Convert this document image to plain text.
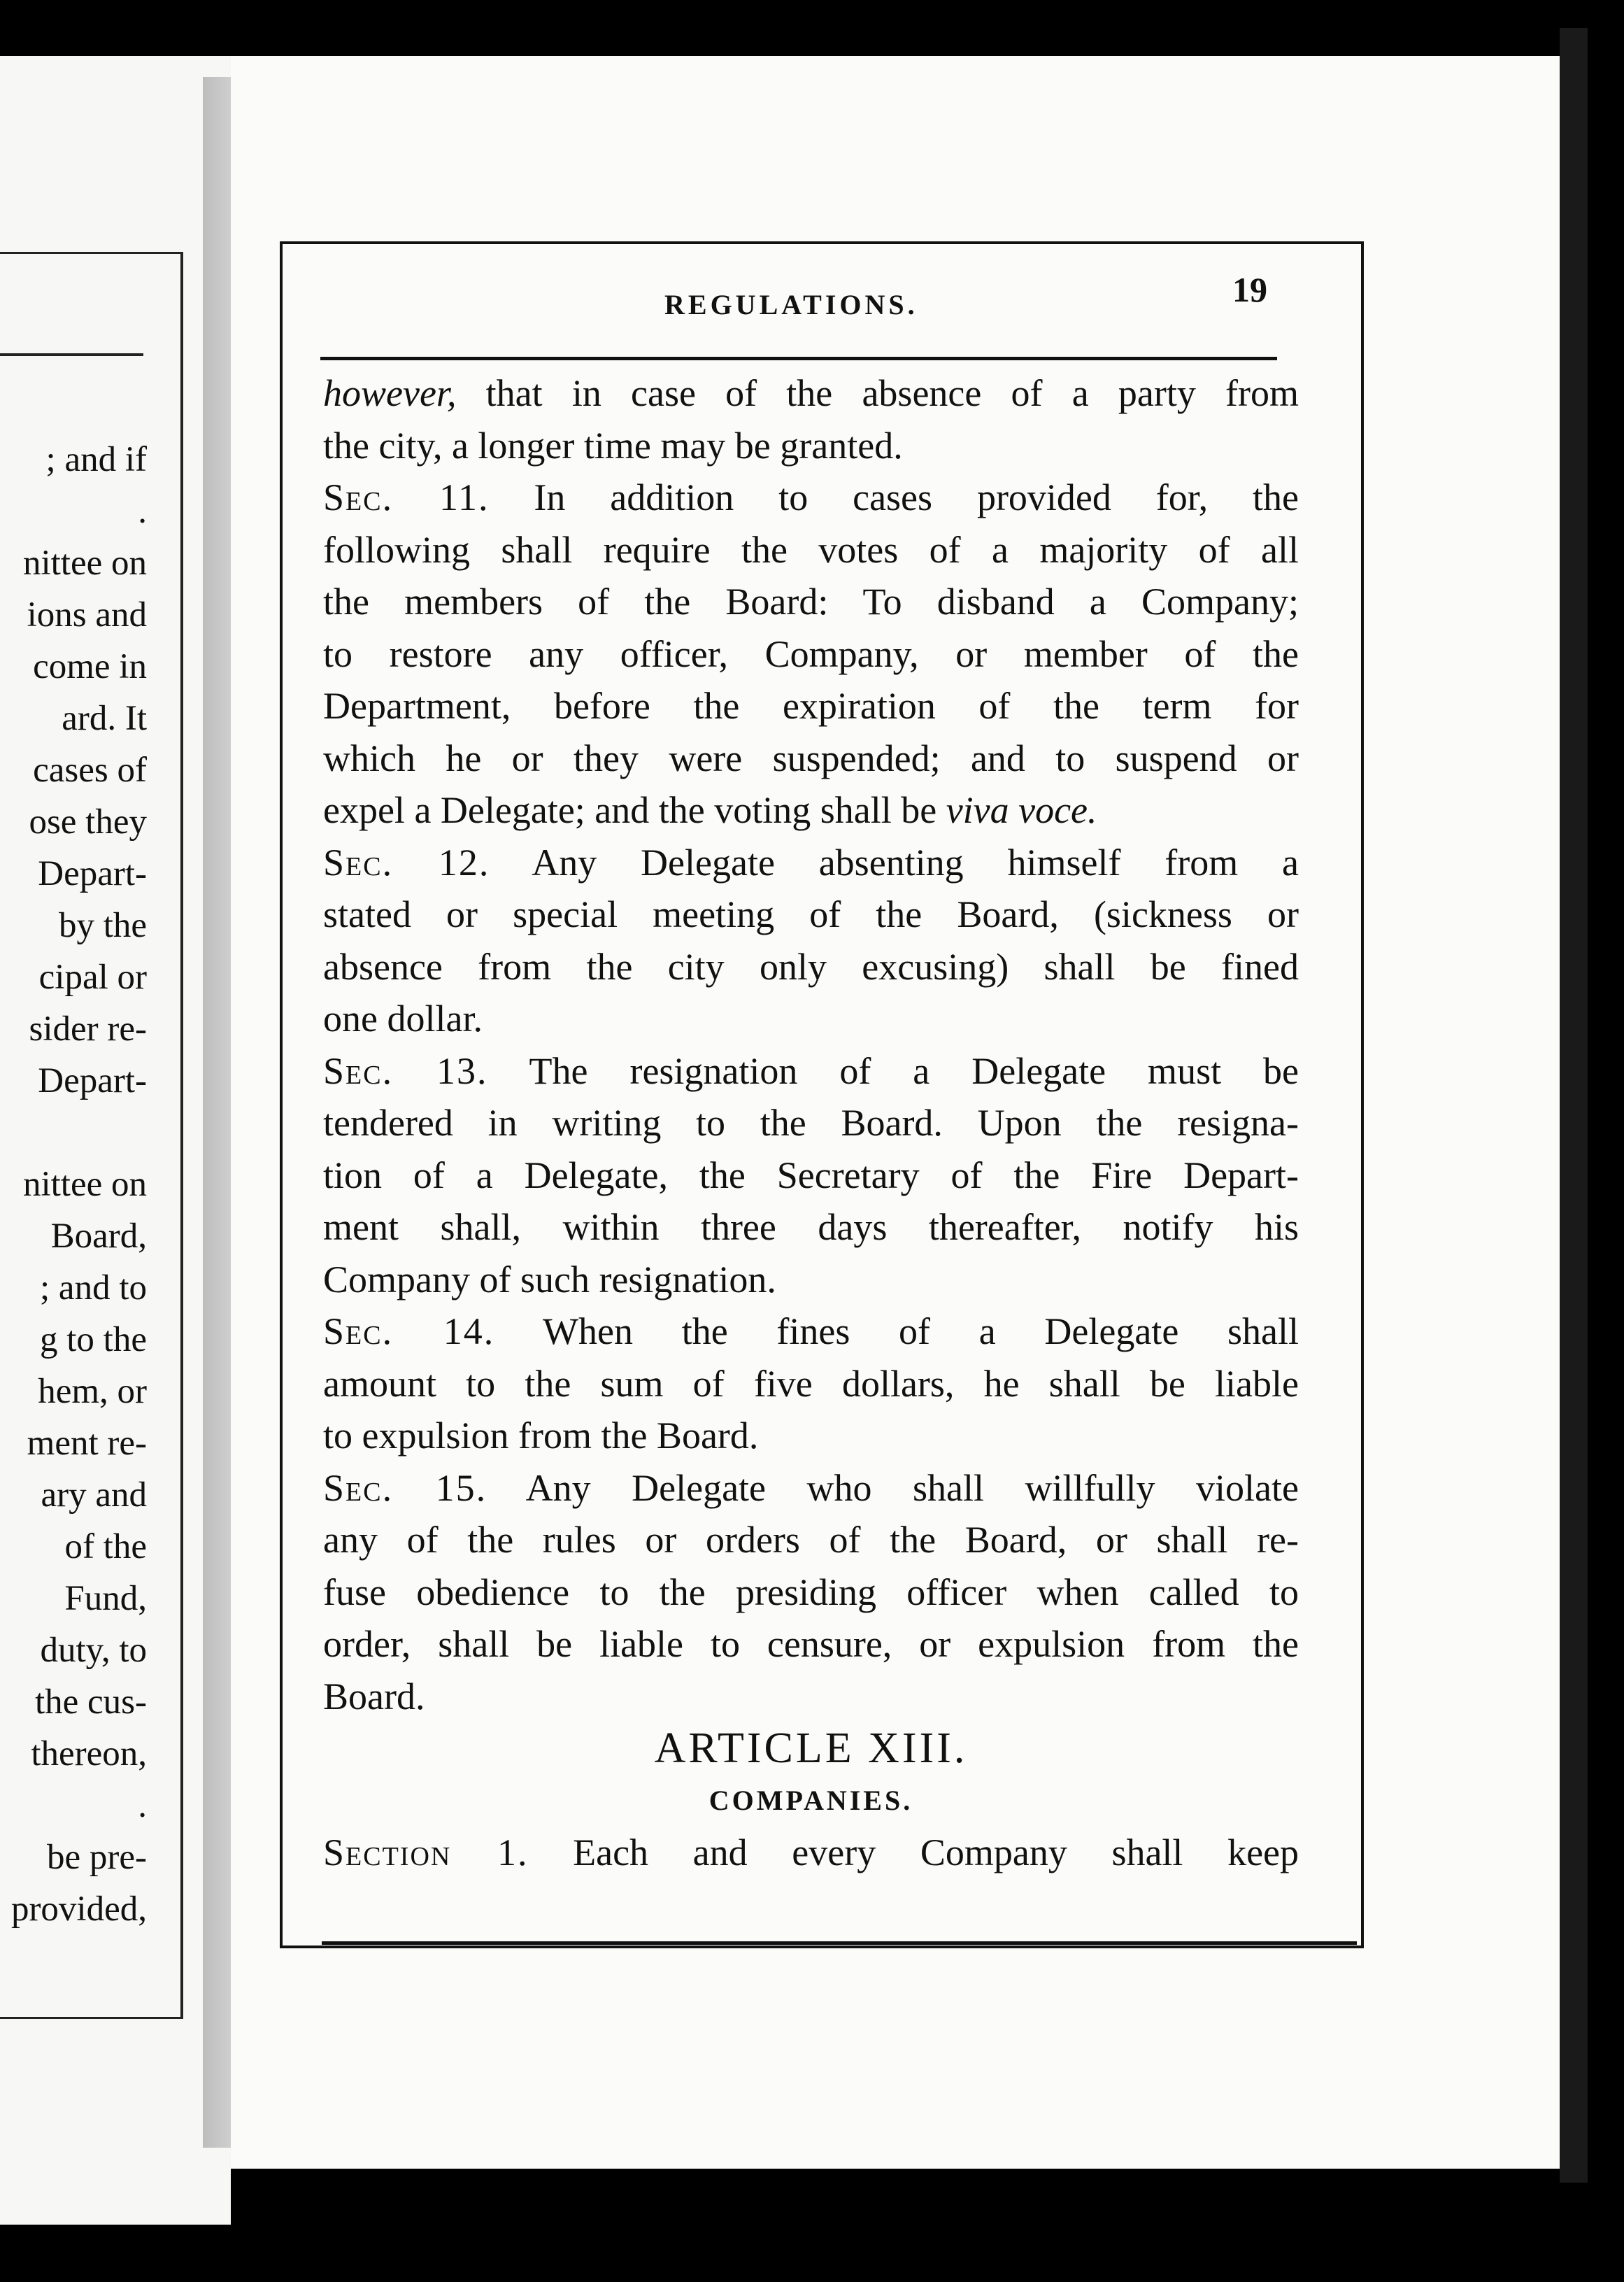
; and if
.
nittee on
ions and
come in
ard. It
cases of
ose they
Depart-
by the
cipal or
sider re-
Depart-
nittee on
Board,
; and to
g to the
hem, or
ment re-
ary and
of the
Fund,
duty, to
the cus-
thereon,
.
be pre-
provided,
REGULATIONS.	19
however, that in case of the absence of a party from
the city, a longer time may be granted.
Sec. 11. In addition to cases provided for, the
following shall require the votes of a majority of all
the members of the Board: To disband a Company;
to restore any officer, Company, or member of the
Department, before the expiration of the term for
which he or they were suspended; and to suspend or
expel a Delegate; and the voting shall be viva voce.
Sec. 12. Any Delegate absenting himself from a
stated or special meeting of the Board, (sickness or
absence from the city only excusing) shall be fined
one dollar.
Sec. 13. The resignation of a Delegate must be
tendered in writing to the Board. Upon the resigna-
tion of a Delegate, the Secretary of the Fire Depart-
ment shall, within three days thereafter, notify his
Company of such resignation.
Sec. 14. When the fines of a Delegate shall
amount to the sum of five dollars, he shall be liable
to expulsion from the Board.
Sec. 15. Any Delegate who shall willfully violate
any of the rules or orders of the Board, or shall re-
fuse obedience to the presiding officer when called to
order, shall be liable to censure, or expulsion from the
Board.
ARTICLE XIII.
COMPANIES.
Section 1. Each and every Company shall keep
